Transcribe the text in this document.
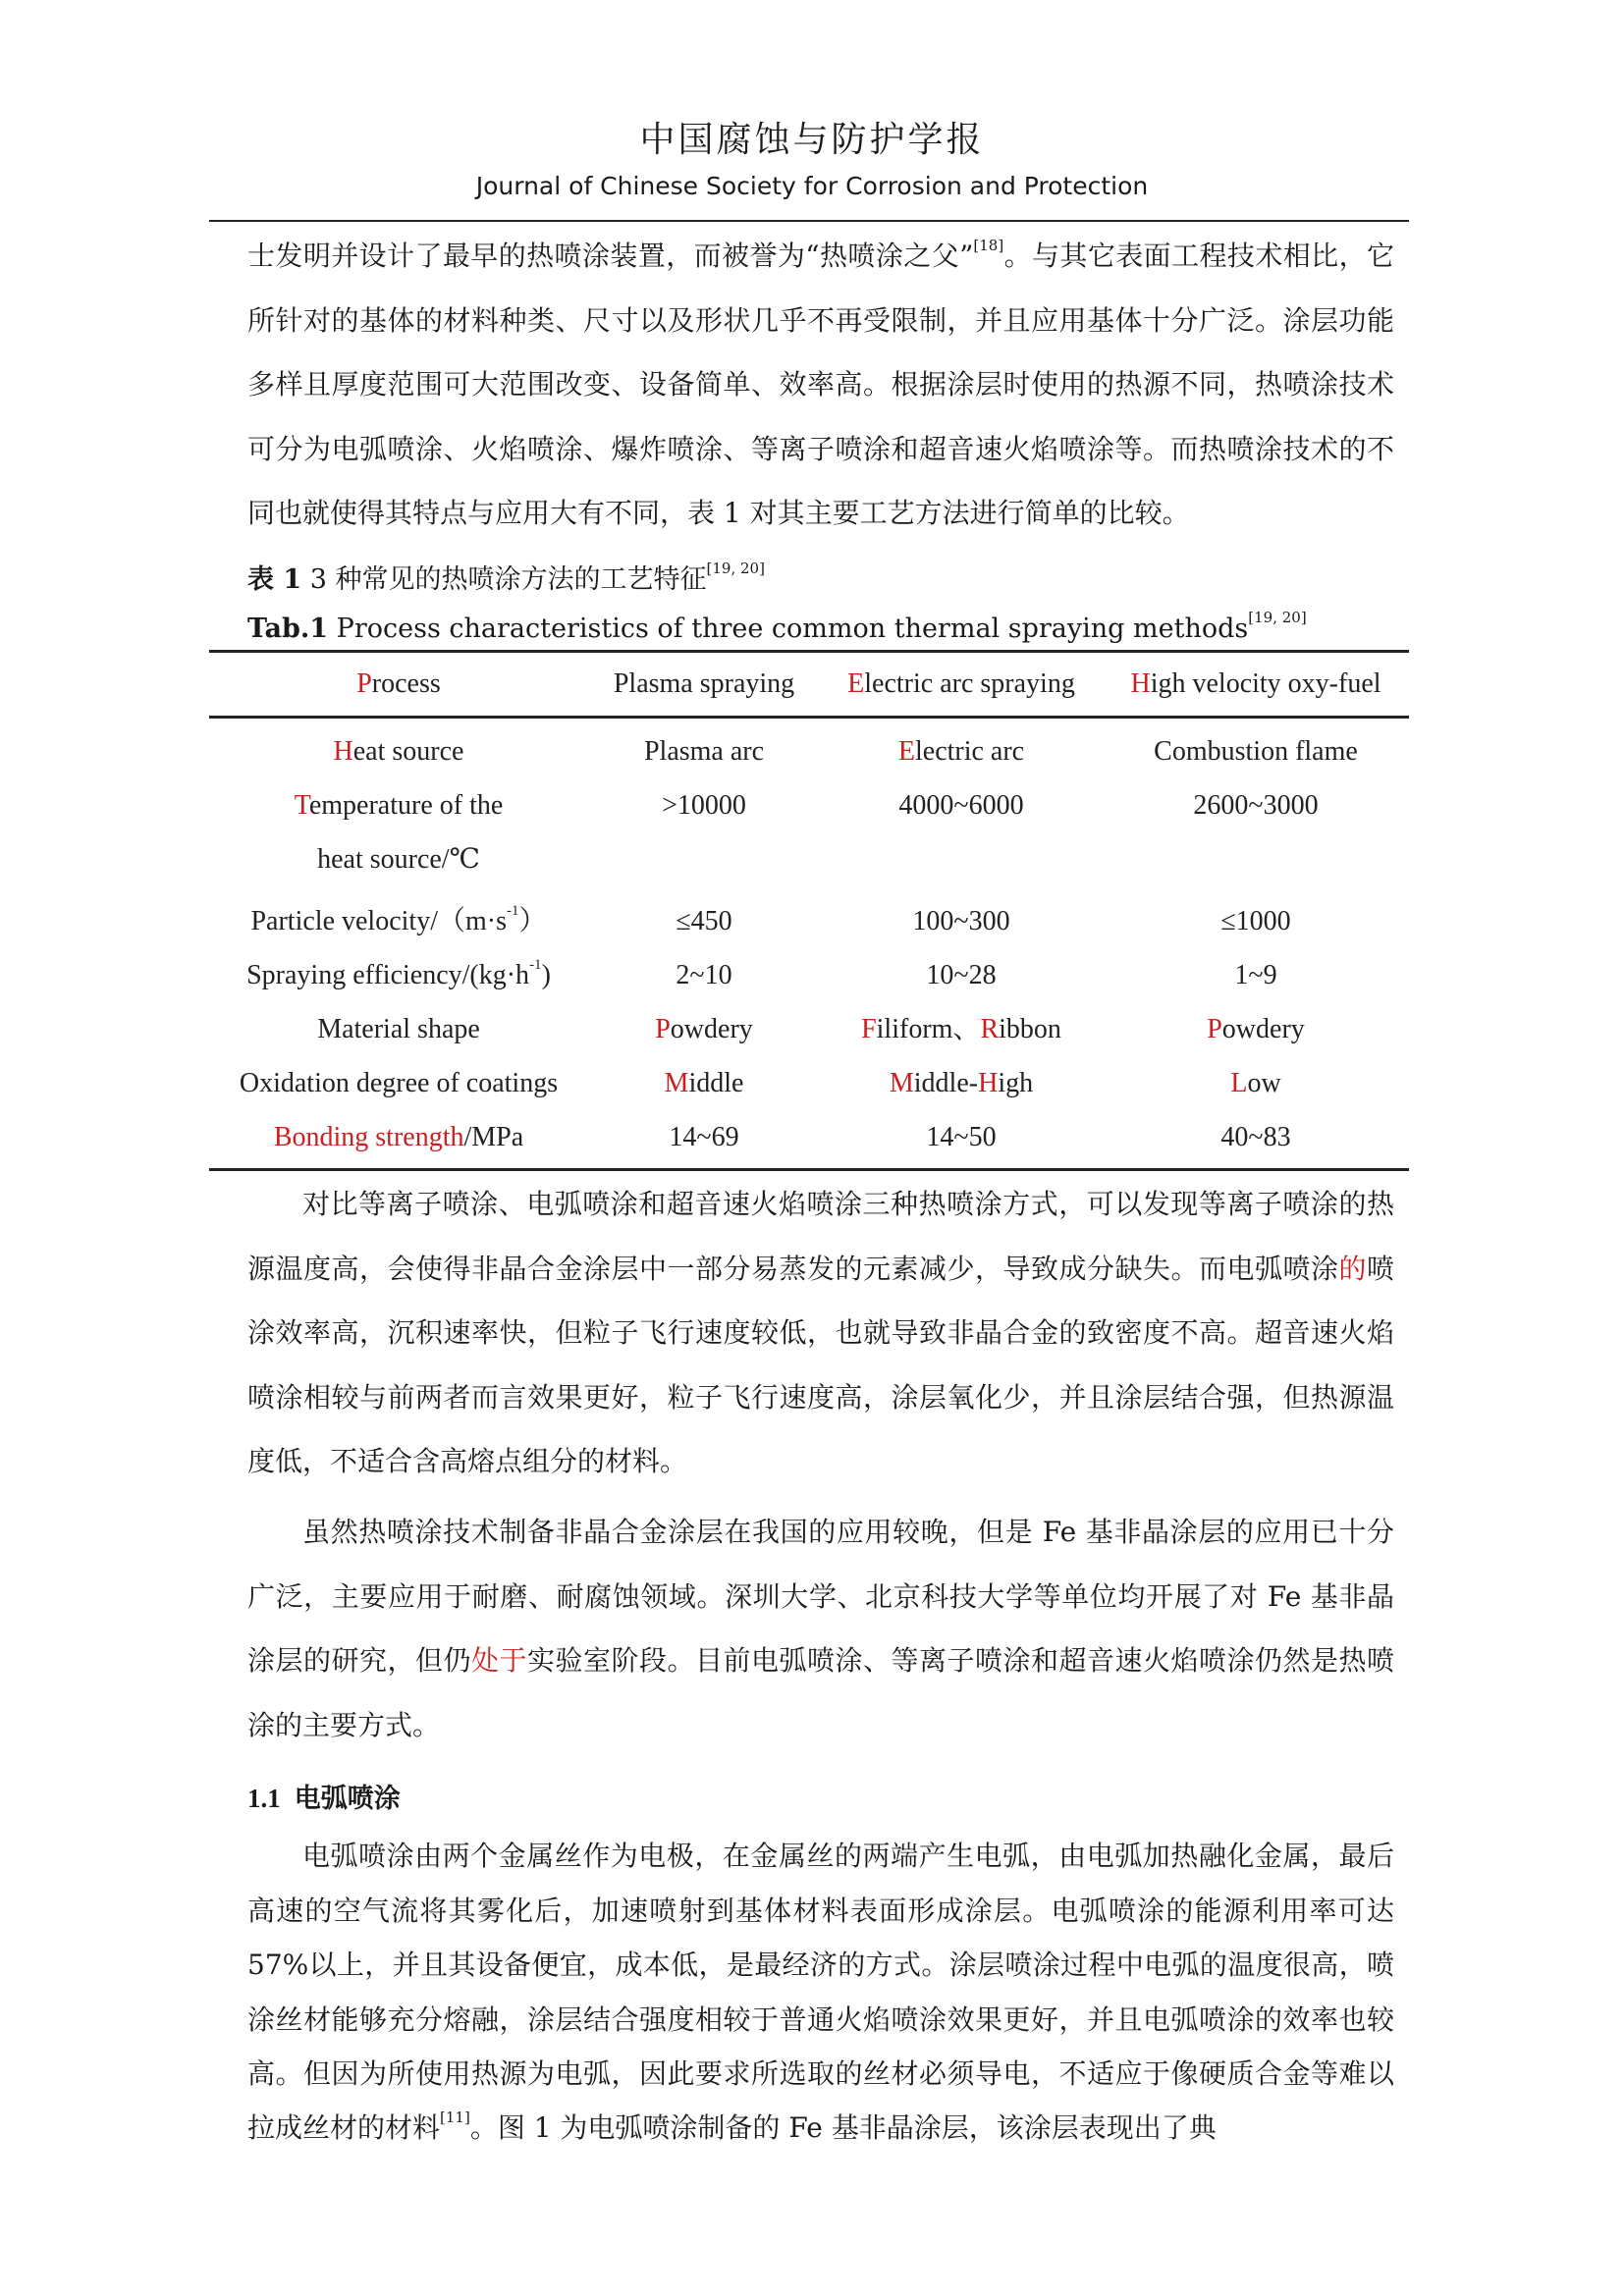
中国腐蚀与防护学报
Journal of Chinese Society for Corrosion and Protection

士发明并设计了最早的热喷涂装置，而被誉为“热喷涂之父”[18]。与其它表面工程技术相比，它所针对的基体的材料种类、尺寸以及形状几乎不再受限制，并且应用基体十分广泛。涂层功能多样且厚度范围可大范围改变、设备简单、效率高。根据涂层时使用的热源不同，热喷涂技术可分为电弧喷涂、火焰喷涂、爆炸喷涂、等离子喷涂和超音速火焰喷涂等。而热喷涂技术的不同也就使得其特点与应用大有不同，表 1 对其主要工艺方法进行简单的比较。

表 1 3 种常见的热喷涂方法的工艺特征[19, 20]

Tab.1 Process characteristics of three common thermal spraying methods[19, 20]

Process	Plasma spraying	Electric arc spraying	High velocity oxy-fuel
Heat source	Plasma arc	Electric arc	Combustion flame
Temperature of the heat source/℃	>10000	4000~6000	2600~3000
Particle velocity/$(m\cdot s^{-1})$	≤450	100~300	≤1000
Spraying efficiency/$(kg\cdot h^{-1})$	2~10	10~28	1~9
Material shape	Powdery	Filiform、Ribbon	Powdery
Oxidation degree of coatings	Middle	Middle-High	Low
Bonding strength/MPa	14~69	14~50	40~83

对比等离子喷涂、电弧喷涂和超音速火焰喷涂三种热喷涂方式，可以发现等离子喷涂的热源温度高，会使得非晶合金涂层中一部分易蒸发的元素减少，导致成分缺失。而电弧喷涂的喷涂效率高，沉积速率快，但粒子飞行速度较低，也就导致非晶合金的致密度不高。超音速火焰喷涂相较与前两者而言效果更好，粒子飞行速度高，涂层氧化少，并且涂层结合强，但热源温度低，不适合含高熔点组分的材料。

虽然热喷涂技术制备非晶合金涂层在我国的应用较晚，但是 Fe 基非晶涂层的应用已十分广泛，主要应用于耐磨、耐腐蚀领域。深圳大学、北京科技大学等单位均开展了对 Fe 基非晶涂层的研究，但仍处于实验室阶段。目前电弧喷涂、等离子喷涂和超音速火焰喷涂仍然是热喷涂的主要方式。

1.1 电弧喷涂

电弧喷涂由两个金属丝作为电极，在金属丝的两端产生电弧，由电弧加热融化金属，最后高速的空气流将其雾化后，加速喷射到基体材料表面形成涂层。电弧喷涂的能源利用率可达 57%以上，并且其设备便宜，成本低，是最经济的方式。涂层喷涂过程中电弧的温度很高，喷涂丝材能够充分熔融，涂层结合强度相较于普通火焰喷涂效果更好，并且电弧喷涂的效率也较高。但因为所使用热源为电弧，因此要求所选取的丝材必须导电，不适应于像硬质合金等难以拉成丝材的材料[11]。图 1 为电弧喷涂制备的 Fe 基非晶涂层，该涂层表现出了典
